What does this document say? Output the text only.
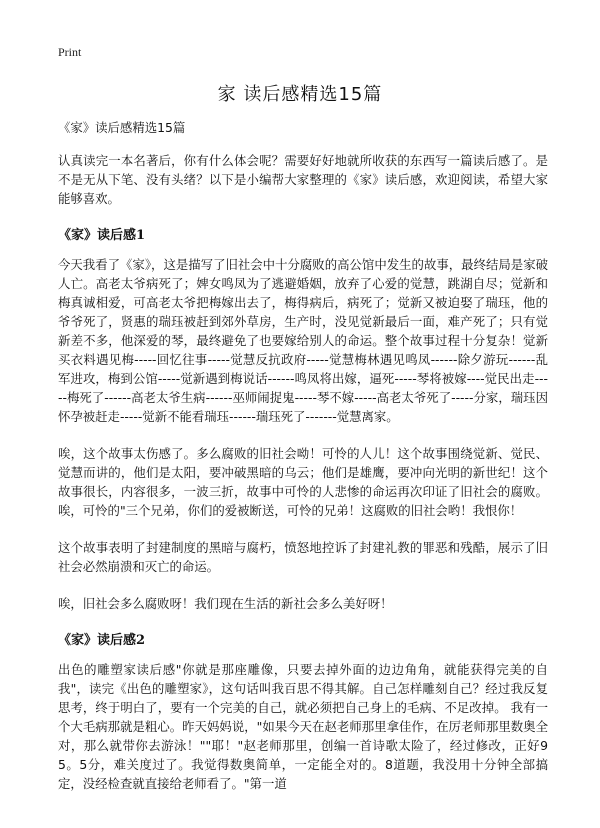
Print
家 读后感精选15篇

《家》读后感精选15篇

认真读完一本名著后，你有什么体会呢？需要好好地就所收获的东西写一篇读后感了。是不是无从下笔、没有头绪？以下是小编帮大家整理的《家》读后感，欢迎阅读，希望大家能够喜欢。

《家》读后感1

今天我看了《家》，这是描写了旧社会中十分腐败的高公馆中发生的故事，最终结局是家破人亡。高老太爷病死了；婢女鸣凤为了逃避婚姻，放弃了心爱的觉慧，跳湖自尽；觉新和梅真诚相爱，可高老太爷把梅嫁出去了，梅得病后，病死了；觉新又被迫娶了瑞珏，他的爷爷死了，贤惠的瑞珏被赶到郊外草房，生产时，没见觉新最后一面，难产死了；只有觉新差不多，他深爱的琴，最终避免了也要嫁给别人的命运。整个故事过程十分复杂！觉新买衣料遇见梅-----回忆往事-----觉慧反抗政府-----觉慧梅林遇见鸣凤------除夕游玩------乱军进攻，梅到公馆-----觉新遇到梅说话------鸣凤将出嫁，逼死-----琴将被嫁----觉民出走-----梅死了------高老太爷生病------巫师闹捉鬼-----琴不嫁-----高老太爷死了-----分家，瑞珏因怀孕被赶走-----觉新不能看瑞珏------瑞珏死了-------觉慧离家。

唉，这个故事太伤感了。多么腐败的旧社会呦！可怜的人儿！这个故事围绕觉新、觉民、觉慧而讲的，他们是太阳，要冲破黑暗的乌云；他们是雄鹰，要冲向光明的新世纪！这个故事很长，内容很多，一波三折，故事中可怜的人悲惨的命运再次印证了旧社会的腐败。唉，可怜的"三个兄弟，你们的爱被断送，可怜的兄弟！这腐败的旧社会哟！我恨你！

这个故事表明了封建制度的黑暗与腐朽，愤怒地控诉了封建礼教的罪恶和残酷，展示了旧社会必然崩溃和灭亡的命运。

唉，旧社会多么腐败呀！我们现在生活的新社会多么美好呀！

《家》读后感2

出色的雕塑家读后感"你就是那座雕像，只要去掉外面的边边角角，就能获得完美的自我"，读完《出色的雕塑家》，这句话叫我百思不得其解。自己怎样雕刻自己？经过我反复思考，终于明白了，要有一个完美的自己，就必须把自己身上的毛病、不足改掉。 我有一个大毛病那就是粗心。昨天妈妈说，"如果今天在赵老师那里拿佳作，在厉老师那里数奥全对，那么就带你去游泳！""耶！"赵老师那里，创编一首诗歌太险了，经过修改，正好95。5分，难关度过了。我觉得数奥简单，一定能全对的。8道题，我没用十分钟全部搞定，没经检查就直接给老师看了。"第一道
